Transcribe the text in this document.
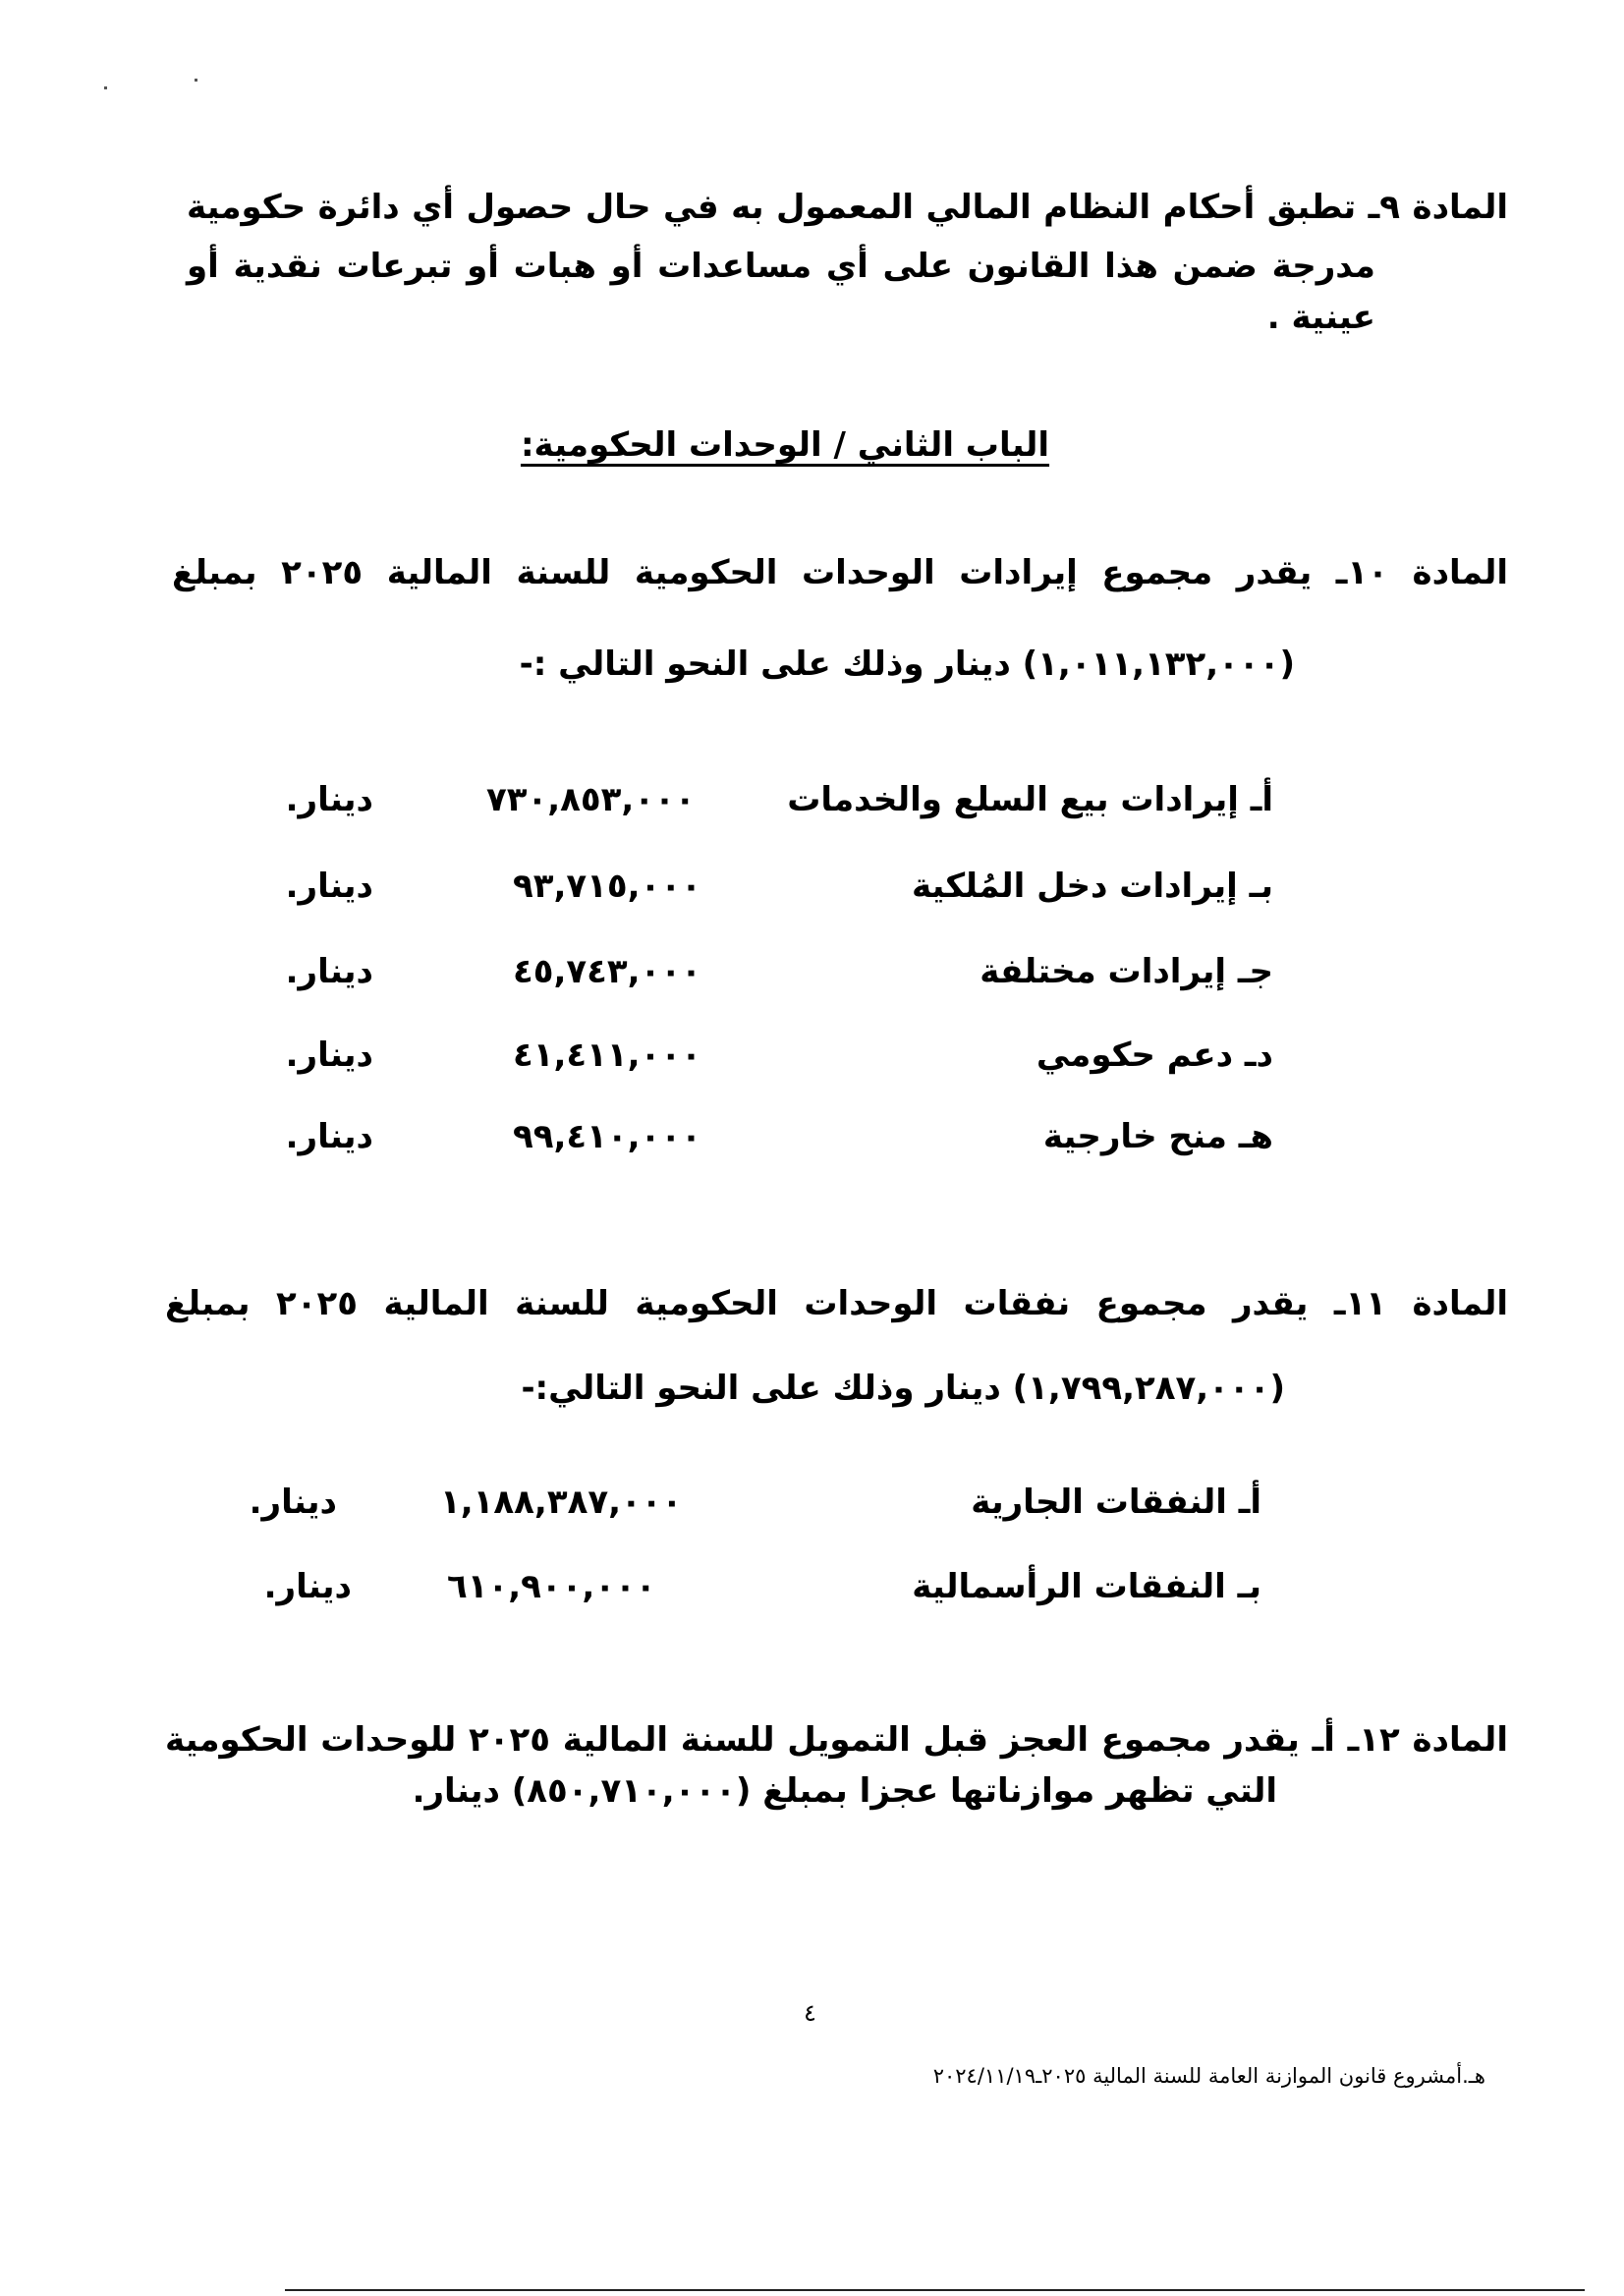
المادة ٩ـ تطبق أحكام النظام المالي المعمول به في حال حصول أي دائرة حكومية
مدرجة ضمن هذا القانون على أي مساعدات أو هبات أو تبرعات نقدية أو
عينية .
الباب الثاني / الوحدات الحكومية:
المادة ١٠ـ يقدر مجموع إيرادات الوحدات الحكومية للسنة المالية ٢٠٢٥ بمبلغ
(١,٠١١,١٣٢,٠٠٠) دينار وذلك على النحو التالي :-
أـ إيرادات بيع السلع والخدمات
٧٣٠,٨٥٣,٠٠٠
دينار.
بـ إيرادات دخل المُلكية
٩٣,٧١٥,٠٠٠
دينار.
جـ إيرادات مختلفة
٤٥,٧٤٣,٠٠٠
دينار.
دـ دعم حكومي
٤١,٤١١,٠٠٠
دينار.
هـ منح خارجية
٩٩,٤١٠,٠٠٠
دينار.
المادة ١١ـ يقدر مجموع نفقات الوحدات الحكومية للسنة المالية ٢٠٢٥ بمبلغ
(١,٧٩٩,٢٨٧,٠٠٠) دينار وذلك على النحو التالي:-
أـ النفقات الجارية
١,١٨٨,٣٨٧,٠٠٠
دينار.
بـ النفقات الرأسمالية
٦١٠,٩٠٠,٠٠٠
دينار.
المادة ١٢ـ أـ يقدر مجموع العجز قبل التمويل للسنة المالية ٢٠٢٥ للوحدات الحكومية
التي تظهر موازناتها عجزا بمبلغ (٨٥٠,٧١٠,٠٠٠) دينار.
٤
هـ.أمشروع قانون الموازنة العامة للسنة المالية ٢٠٢٥ـ٢٠٢٤/١١/١٩
